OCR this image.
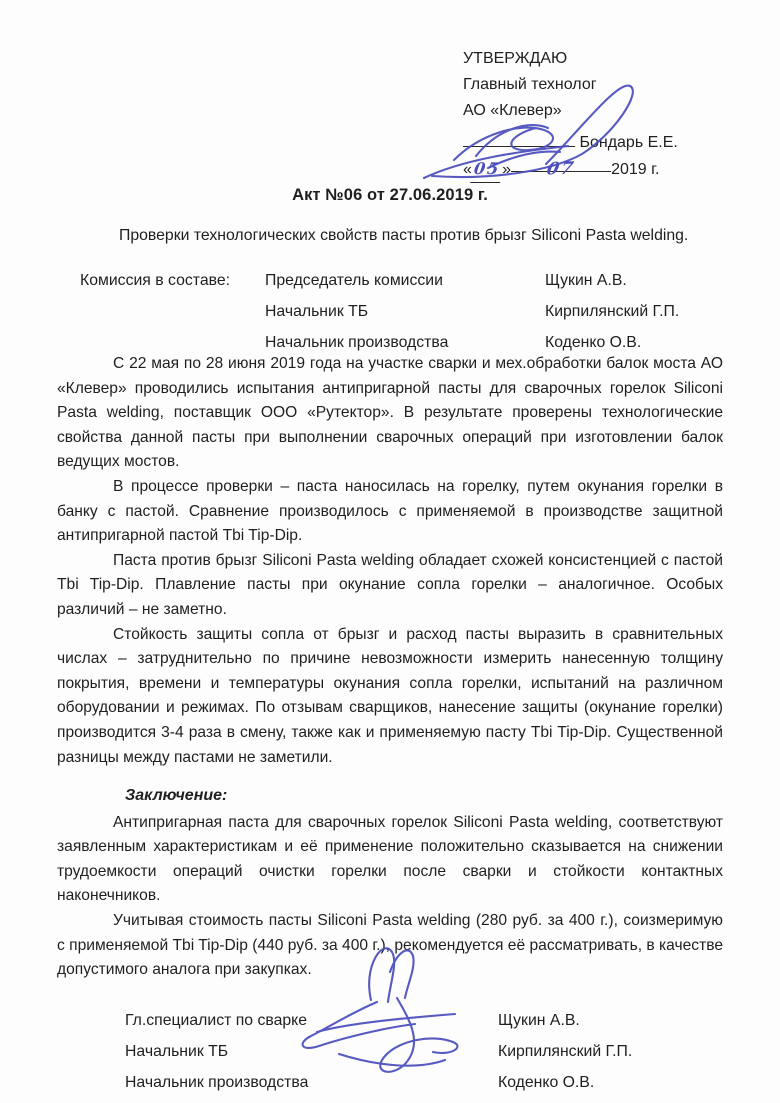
УТВЕРЖДАЮ
Главный технолог
АО «Клевер»
Бондарь Е.Е.
«05» 07 2019 г.
Акт №06 от 27.06.2019 г.

Проверки технологических свойств пасты против брызг Siliconi Pasta welding.

Комиссия в составе:	Председатель комиссии	Щукин А.В.
Начальник ТБ	Кирпилянский Г.П.
Начальник производства	Коденко О.В.

С 22 мая по 28 июня 2019 года на участке сварки и мех.обработки балок моста АО «Клевер» проводились испытания антипригарной пасты для сварочных горелок Siliconi Pasta welding, поставщик ООО «Рутектор». В результате проверены технологические свойства данной пасты при выполнении сварочных операций при изготовлении балок ведущих мостов.

В процессе проверки – паста наносилась на горелку, путем окунания горелки в банку с пастой. Сравнение производилось с применяемой в производстве защитной антипригарной пастой Tbi Tip-Dip.

Паста против брызг Siliconi Pasta welding обладает схожей консистенцией с пастой Tbi Tip-Dip. Плавление пасты при окунание сопла горелки – аналогичное. Особых различий – не заметно.

Стойкость защиты сопла от брызг и расход пасты выразить в сравнительных числах – затруднительно по причине невозможности измерить нанесенную толщину покрытия, времени и температуры окунания сопла горелки, испытаний на различном оборудовании и режимах. По отзывам сварщиков, нанесение защиты (окунание горелки) производится 3-4 раза в смену, также как и применяемую пасту Tbi Tip-Dip. Существенной разницы между пастами не заметили.

Заключение:

Антипригарная паста для сварочных горелок Siliconi Pasta welding, соответствуют заявленным характеристикам и её применение положительно сказывается на снижении трудоемкости операций очистки горелки после сварки и стойкости контактных наконечников.

Учитывая стоимость пасты Siliconi Pasta welding (280 руб. за 400 г.), соизмеримую с применяемой Tbi Tip-Dip (440 руб. за 400 г.), рекомендуется её рассматривать, в качестве допустимого аналога при закупках.

Гл.специалист по сварке	Щукин А.В.
Начальник ТБ	Кирпилянский Г.П.
Начальник производства	Коденко О.В.
